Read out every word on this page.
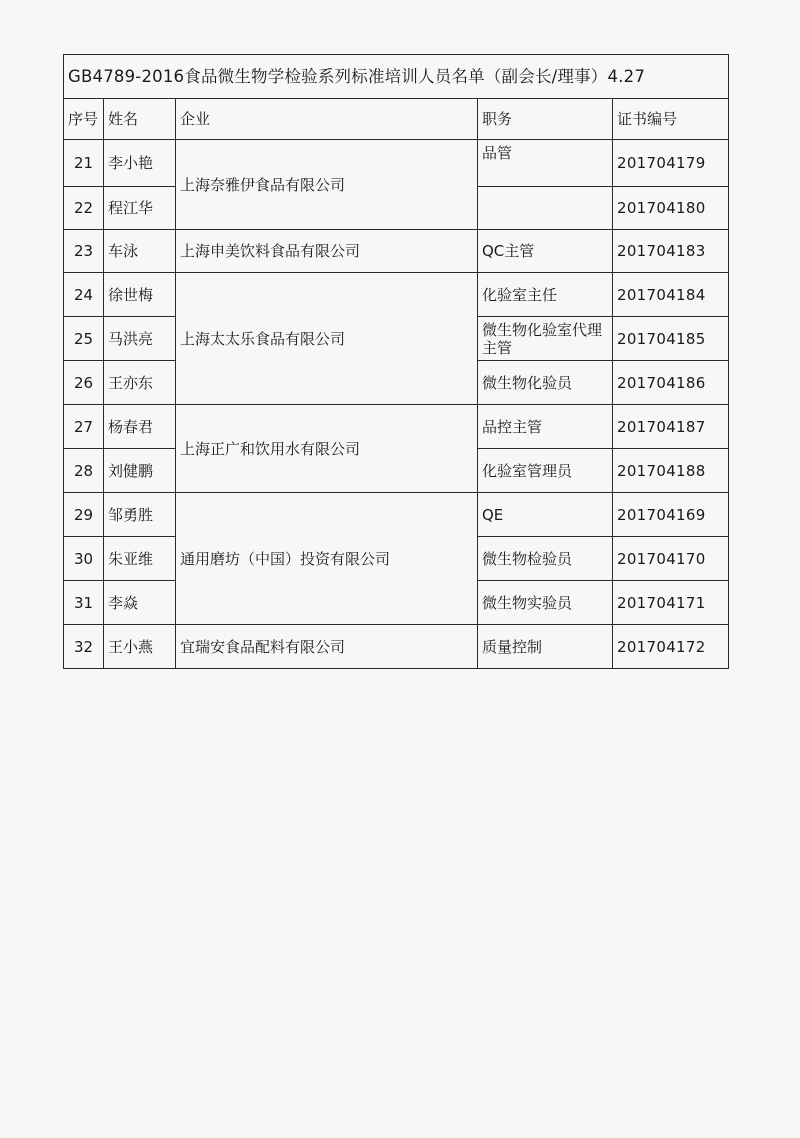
GB4789-2016食品微生物学检验系列标准培训人员名单（副会长/理事）4.27				
序号	姓名	企业	职务	证书编号
21	李小艳	上海奈雅伊食品有限公司	品管	201704179
22	程江华			201704180
23	车泳	上海申美饮料食品有限公司	QC主管	201704183
24	徐世梅	上海太太乐食品有限公司	化验室主任	201704184
25	马洪亮		微生物化验室代理主管	201704185
26	王亦东		微生物化验员	201704186
27	杨春君	上海正广和饮用水有限公司	品控主管	201704187
28	刘健鹏		化验室管理员	201704188
29	邹勇胜	通用磨坊（中国）投资有限公司	QE	201704169
30	朱亚维		微生物检验员	201704170
31	李焱		微生物实验员	201704171
32	王小燕	宜瑞安食品配料有限公司	质量控制	201704172
